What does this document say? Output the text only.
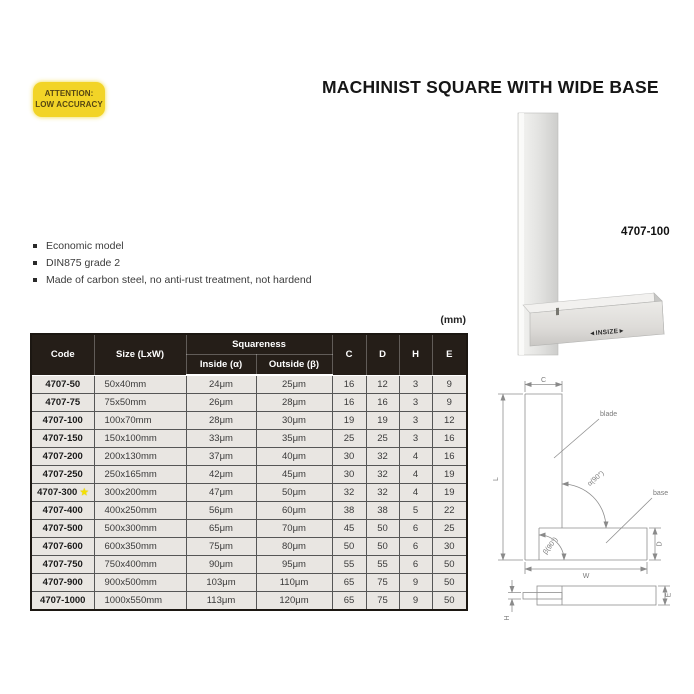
ATTENTION:
LOW ACCURACY
MACHINIST SQUARE WITH WIDE BASE
Economic model
DIN875 grade 2
Made of carbon steel, no anti-rust treatment, not hardend
◄INSIZE►
4707-100
(mm)
Code	Size (LxW)	Squareness		C	D	H	E
		Inside (α)	Outside (β)				
4707-50	50x40mm	24μm	25μm	16	12	3	9
4707-75	75x50mm	26μm	28μm	16	16	3	9
4707-100	100x70mm	28μm	30μm	19	19	3	12
4707-150	150x100mm	33μm	35μm	25	25	3	16
4707-200	200x130mm	37μm	40μm	30	32	4	16
4707-250	250x165mm	42μm	45μm	30	32	4	19
4707-300 ★	300x200mm	47μm	50μm	32	32	4	19
4707-400	400x250mm	56μm	60μm	38	38	5	22
4707-500	500x300mm	65μm	70μm	45	50	6	25
4707-600	600x350mm	75μm	80μm	50	50	6	30
4707-750	750x400mm	90μm	95μm	55	55	6	50
4707-900	900x500mm	103μm	110μm	65	75	9	50
4707-1000	1000x550mm	113μm	120μm	65	75	9	50
C
L
W
D
H
E
α(90°)
β(90°)
blade
base
